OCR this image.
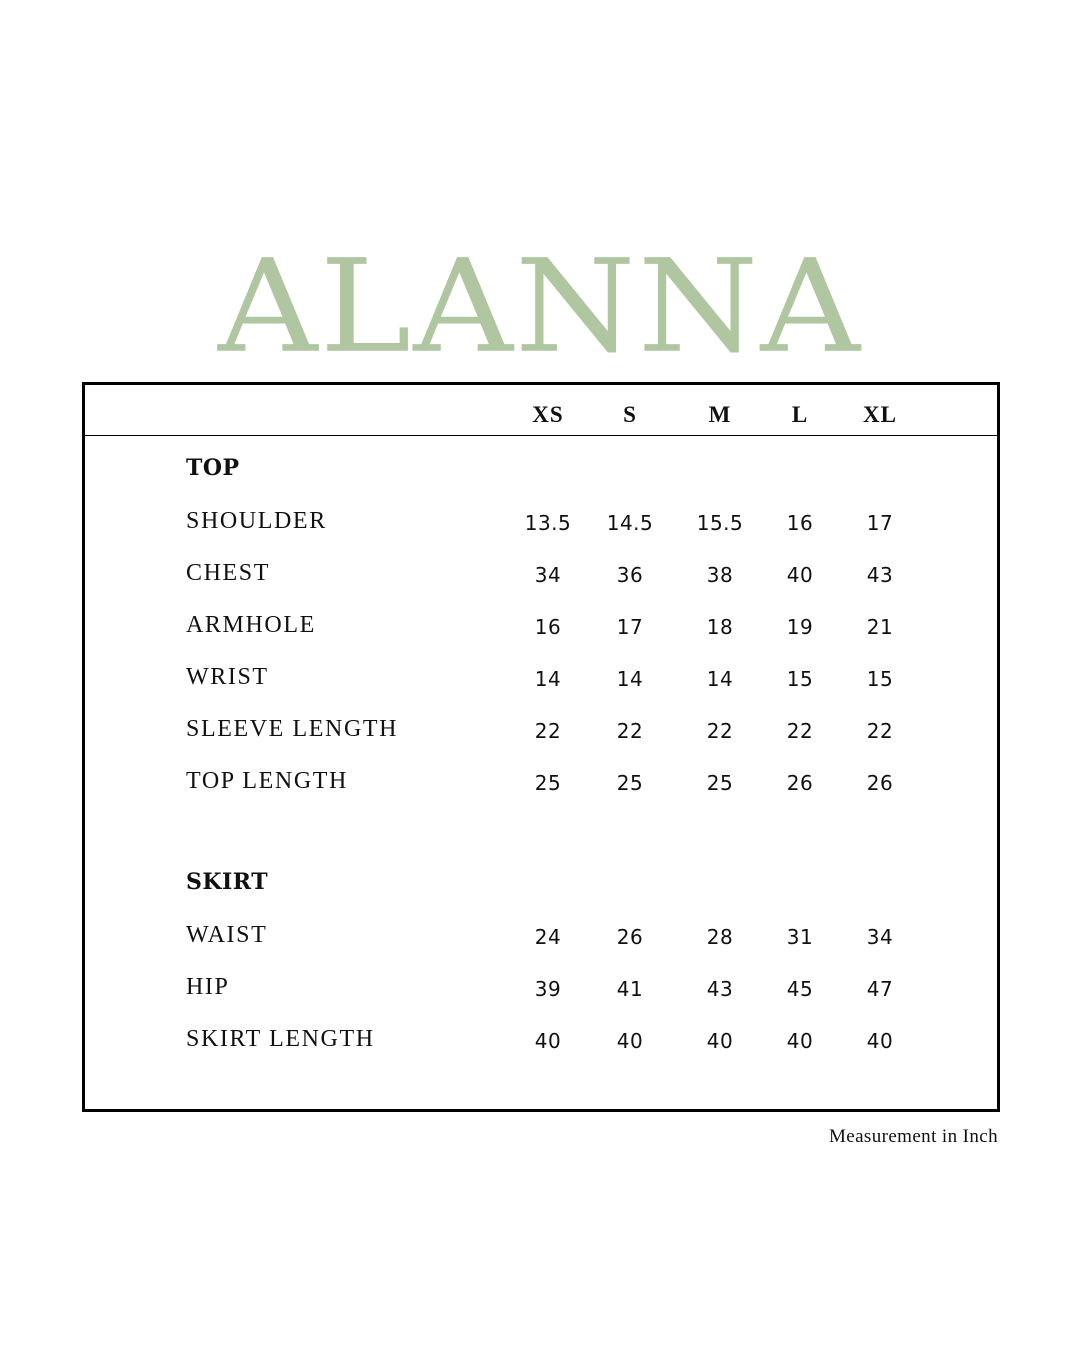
ALANNA
XS	S	M	L	XL
TOP
SHOULDER	13.5	14.5	15.5	16	17
CHEST	34	36	38	40	43
ARMHOLE	16	17	18	19	21
WRIST	14	14	14	15	15
SLEEVE LENGTH	22	22	22	22	22
TOP LENGTH	25	25	25	26	26
SKIRT
WAIST	24	26	28	31	34
HIP	39	41	43	45	47
SKIRT LENGTH	40	40	40	40	40
Measurement in Inch
